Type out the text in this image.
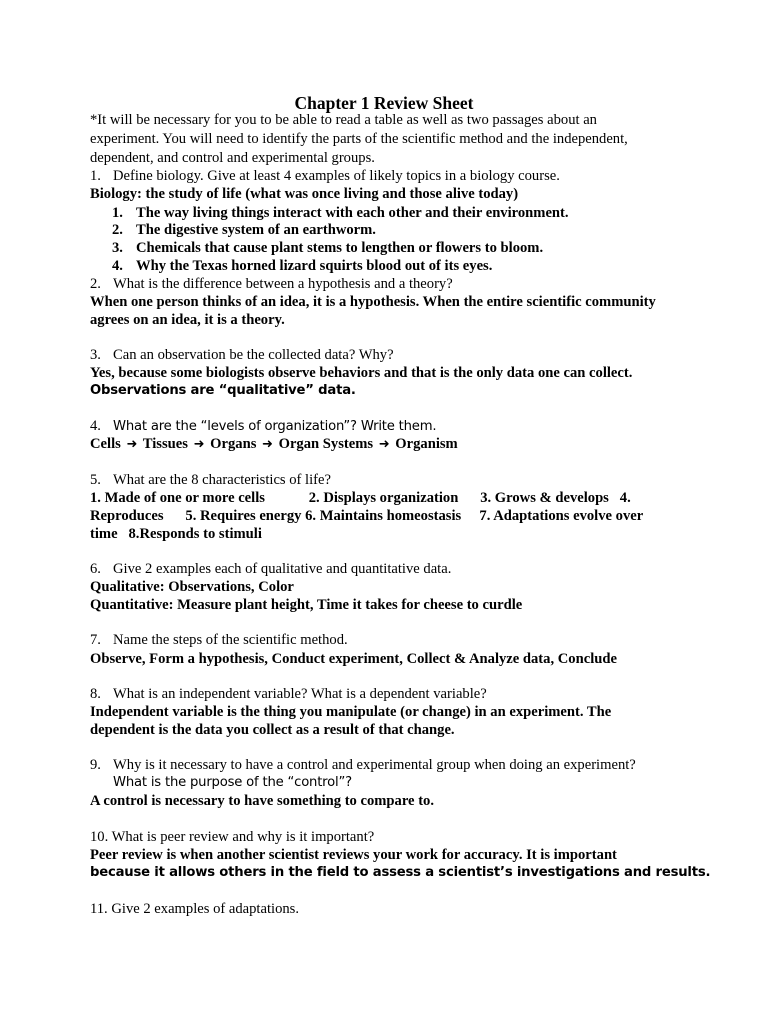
Chapter 1 Review Sheet
*It will be necessary for you to be able to read a table as well as two passages about an
experiment. You will need to identify the parts of the scientific method and the independent,
dependent, and control and experimental groups.
1. Define biology. Give at least 4 examples of likely topics in a biology course.
Biology: the study of life (what was once living and those alive today)
1. The way living things interact with each other and their environment.
2. The digestive system of an earthworm.
3. Chemicals that cause plant stems to lengthen or flowers to bloom.
4. Why the Texas horned lizard squirts blood out of its eyes.
2. What is the difference between a hypothesis and a theory?
When one person thinks of an idea, it is a hypothesis. When the entire scientific community
agrees on an idea, it is a theory.
3. Can an observation be the collected data? Why?
Yes, because some biologists observe behaviors and that is the only data one can collect.
Observations are “qualitative” data.
4. What are the “levels of organization”? Write them.
Cells ➜ Tissues ➜ Organs ➜ Organ Systems ➜ Organism
5. What are the 8 characteristics of life?
1. Made of one or more cells            2. Displays organization      3. Grows & develops   4.
Reproduces      5. Requires energy 6. Maintains homeostasis     7. Adaptations evolve over
time   8.Responds to stimuli
6. Give 2 examples each of qualitative and quantitative data.
Qualitative: Observations, Color
Quantitative: Measure plant height, Time it takes for cheese to curdle
7. Name the steps of the scientific method.
Observe, Form a hypothesis, Conduct experiment, Collect & Analyze data, Conclude
8. What is an independent variable? What is a dependent variable?
Independent variable is the thing you manipulate (or change) in an experiment. The
dependent is the data you collect as a result of that change.
9. Why is it necessary to have a control and experimental group when doing an experiment?
What is the purpose of the “control”?
A control is necessary to have something to compare to.
10. What is peer review and why is it important?
Peer review is when another scientist reviews your work for accuracy. It is important
because it allows others in the field to assess a scientist’s investigations and results.
11. Give 2 examples of adaptations.
